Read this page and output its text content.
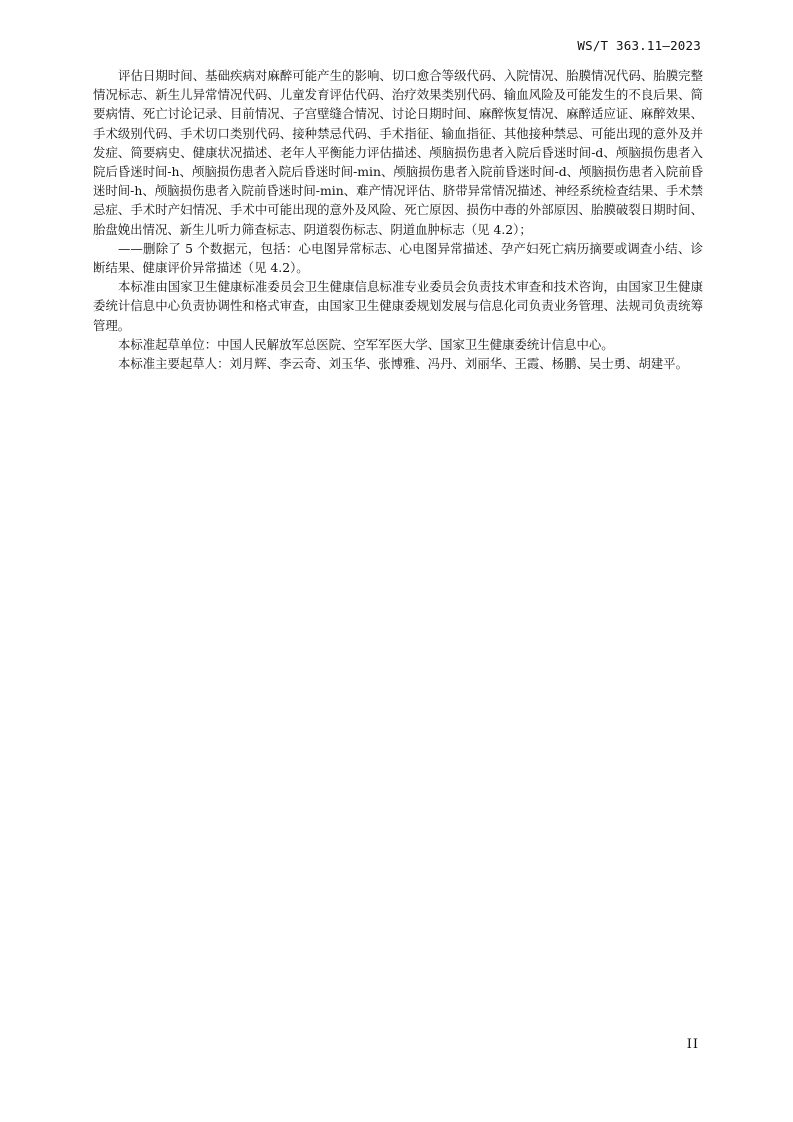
WS/T 363.11—2023

评估日期时间、基础疾病对麻醉可能产生的影响、切口愈合等级代码、入院情况、胎膜情况代码、胎膜完整情况标志、新生儿异常情况代码、儿童发育评估代码、治疗效果类别代码、输血风险及可能发生的不良后果、简要病情、死亡讨论记录、目前情况、子宫壁缝合情况、讨论日期时间、麻醉恢复情况、麻醉适应证、麻醉效果、手术级别代码、手术切口类别代码、接种禁忌代码、手术指征、输血指征、其他接种禁忌、可能出现的意外及并发症、简要病史、健康状况描述、老年人平衡能力评估描述、颅脑损伤患者入院后昏迷时间-d、颅脑损伤患者入院后昏迷时间-h、颅脑损伤患者入院后昏迷时间-min、颅脑损伤患者入院前昏迷时间-d、颅脑损伤患者入院前昏迷时间-h、颅脑损伤患者入院前昏迷时间-min、难产情况评估、脐带异常情况描述、神经系统检查结果、手术禁忌症、手术时产妇情况、手术中可能出现的意外及风险、死亡原因、损伤中毒的外部原因、胎膜破裂日期时间、胎盘娩出情况、新生儿听力筛查标志、阴道裂伤标志、阴道血肿标志（见 4.2）；

——删除了 5 个数据元，包括：心电图异常标志、心电图异常描述、孕产妇死亡病历摘要或调查小结、诊断结果、健康评价异常描述（见 4.2）。

本标准由国家卫生健康标准委员会卫生健康信息标准专业委员会负责技术审查和技术咨询，由国家卫生健康委统计信息中心负责协调性和格式审查，由国家卫生健康委规划发展与信息化司负责业务管理、法规司负责统筹管理。

本标准起草单位：中国人民解放军总医院、空军军医大学、国家卫生健康委统计信息中心。

本标准主要起草人：刘月辉、李云奇、刘玉华、张博雅、冯丹、刘丽华、王霞、杨鹏、吴士勇、胡建平。

II
